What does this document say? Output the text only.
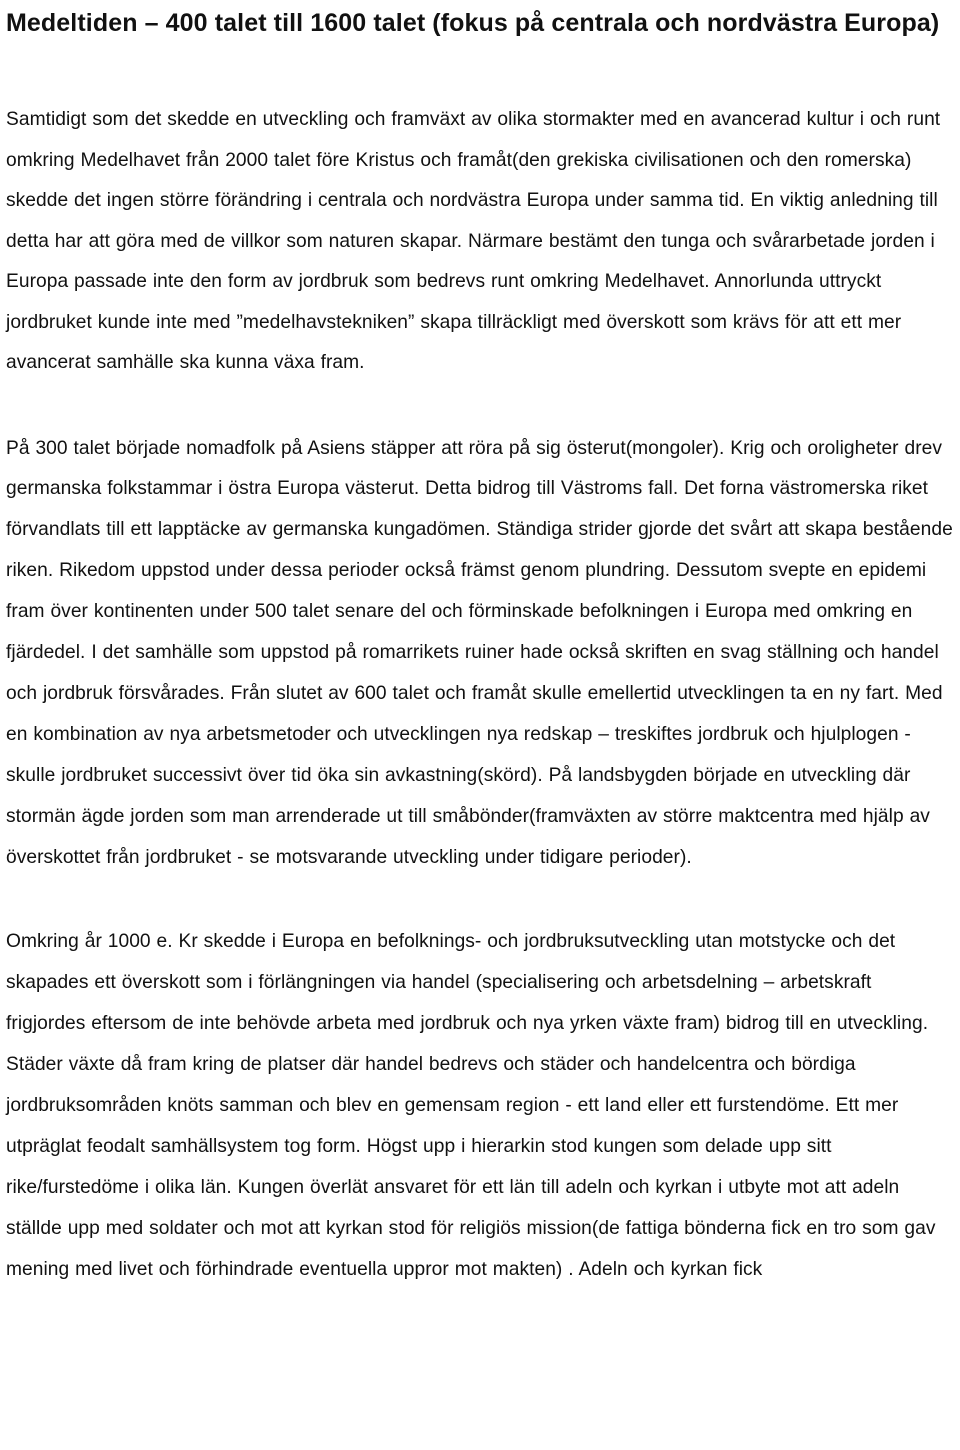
Medeltiden – 400 talet till 1600 talet (fokus på centrala och nordvästra Europa)

Samtidigt som det skedde en utveckling och framväxt av olika stormakter med en avancerad kultur i och runt omkring Medelhavet från 2000 talet före Kristus och framåt(den grekiska civilisationen och den romerska) skedde det ingen större förändring i centrala och nordvästra Europa under samma tid. En viktig anledning till detta har att göra med de villkor som naturen skapar. Närmare bestämt den tunga och svårarbetade jorden i Europa passade inte den form av jordbruk som bedrevs runt omkring Medelhavet. Annorlunda uttryckt jordbruket kunde inte med ”medelhavstekniken” skapa tillräckligt med överskott som krävs för att ett mer avancerat samhälle ska kunna växa fram.

På 300 talet började nomadfolk på Asiens stäpper att röra på sig österut(mongoler). Krig och oroligheter drev germanska folkstammar i östra Europa västerut. Detta bidrog till Västroms fall. Det forna västromerska riket förvandlats till ett lapptäcke av germanska kungadömen. Ständiga strider gjorde det svårt att skapa bestående riken. Rikedom uppstod under dessa perioder också främst genom plundring. Dessutom svepte en epidemi fram över kontinenten under 500 talet senare del och förminskade befolkningen i Europa med omkring en fjärdedel. I det samhälle som uppstod på romarrikets ruiner hade också skriften en svag ställning och handel och jordbruk försvårades. Från slutet av 600 talet och framåt skulle emellertid utvecklingen ta en ny fart. Med en kombination av nya arbetsmetoder och utvecklingen nya redskap – treskiftes jordbruk och hjulplogen - skulle jordbruket successivt över tid öka sin avkastning(skörd). På landsbygden började en utveckling där stormän ägde jorden som man arrenderade ut till småbönder(framväxten av större maktcentra med hjälp av överskottet från jordbruket - se motsvarande utveckling under tidigare perioder).

Omkring år 1000 e. Kr skedde i Europa en befolknings- och jordbruksutveckling utan motstycke och det skapades ett överskott som i förlängningen via handel (specialisering och arbetsdelning – arbetskraft frigjordes eftersom de inte behövde arbeta med jordbruk och nya yrken växte fram) bidrog till en utveckling. Städer växte då fram kring de platser där handel bedrevs och städer och handelcentra och bördiga jordbruksområden knöts samman och blev en gemensam region - ett land eller ett furstendöme. Ett mer utpräglat feodalt samhällsystem tog form. Högst upp i hierarkin stod kungen som delade upp sitt rike/furstedöme i olika län. Kungen överlät ansvaret för ett län till adeln och kyrkan i utbyte mot att adeln ställde upp med soldater och mot att kyrkan stod för religiös mission(de fattiga bönderna fick en tro som gav mening med livet och förhindrade eventuella uppror mot makten) . Adeln och kyrkan fick
